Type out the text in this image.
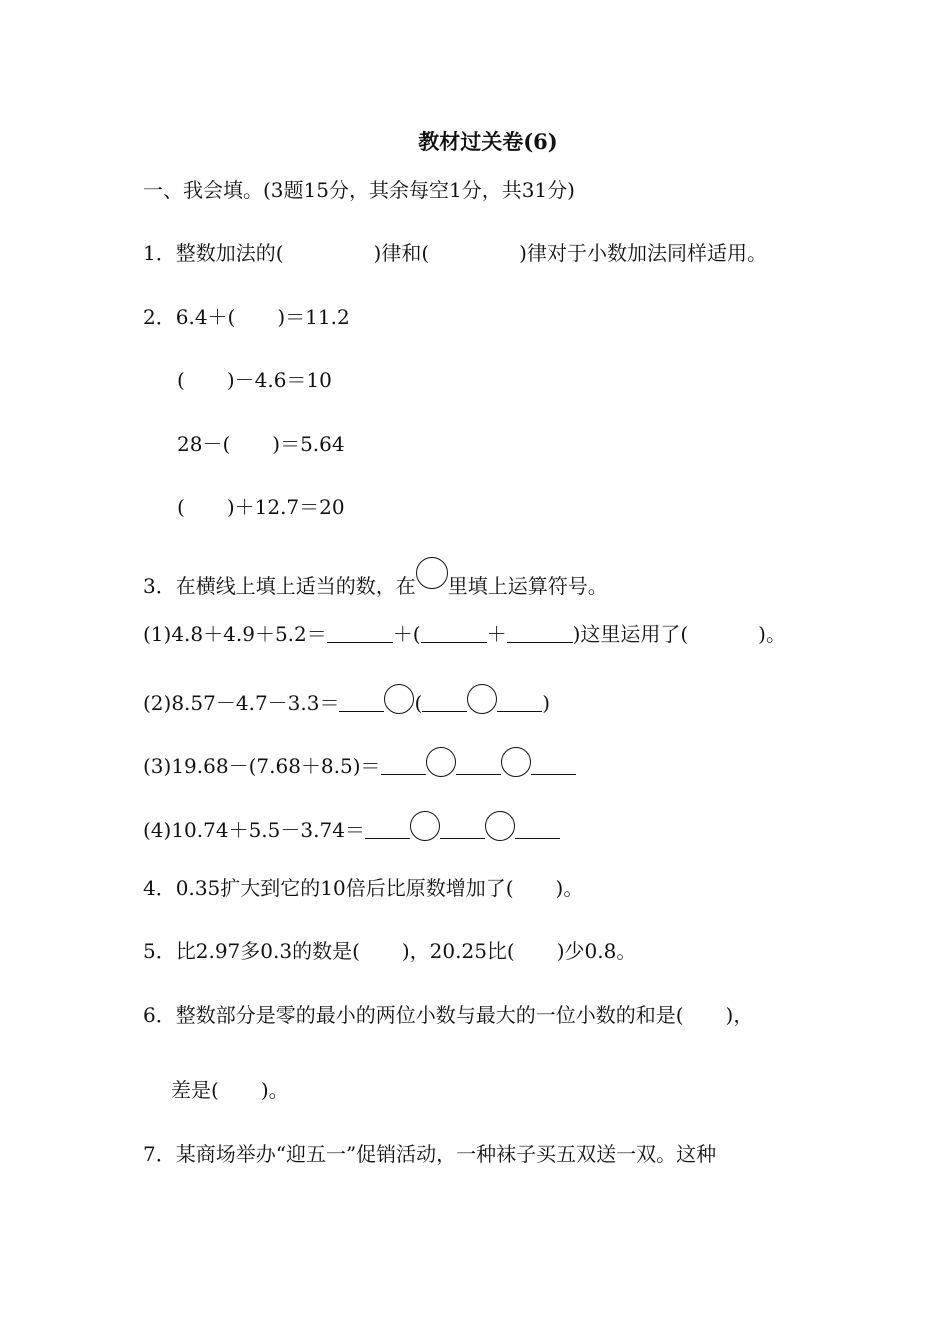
教材过关卷(6)
一、我会填。(3题15分，其余每空1分，共31分)
1．整数加法的(	)律和(	)律对于小数加法同样适用。
2．6.4＋( )＝11.2
( )－4.6＝10
28－( )＝5.64
( )＋12.7＝20
3．在横线上填上适当的数，在 里填上运算符号。
(1)4.8＋4.9＋5.2＝	＋(	＋	)这里运用了(	)。
(2)8.57－4.7－3.3＝	(	)
(3)19.68－(7.68＋8.5)＝
(4)10.74＋5.5－3.74＝
4．0.35扩大到它的10倍后比原数增加了( )。
5．比2.97多0.3的数是( )，20.25比( )少0.8。
6．整数部分是零的最小的两位小数与最大的一位小数的和是( )，
差是( )。
7．某商场举办“迎五一”促销活动，一种袜子买五双送一双。这种
